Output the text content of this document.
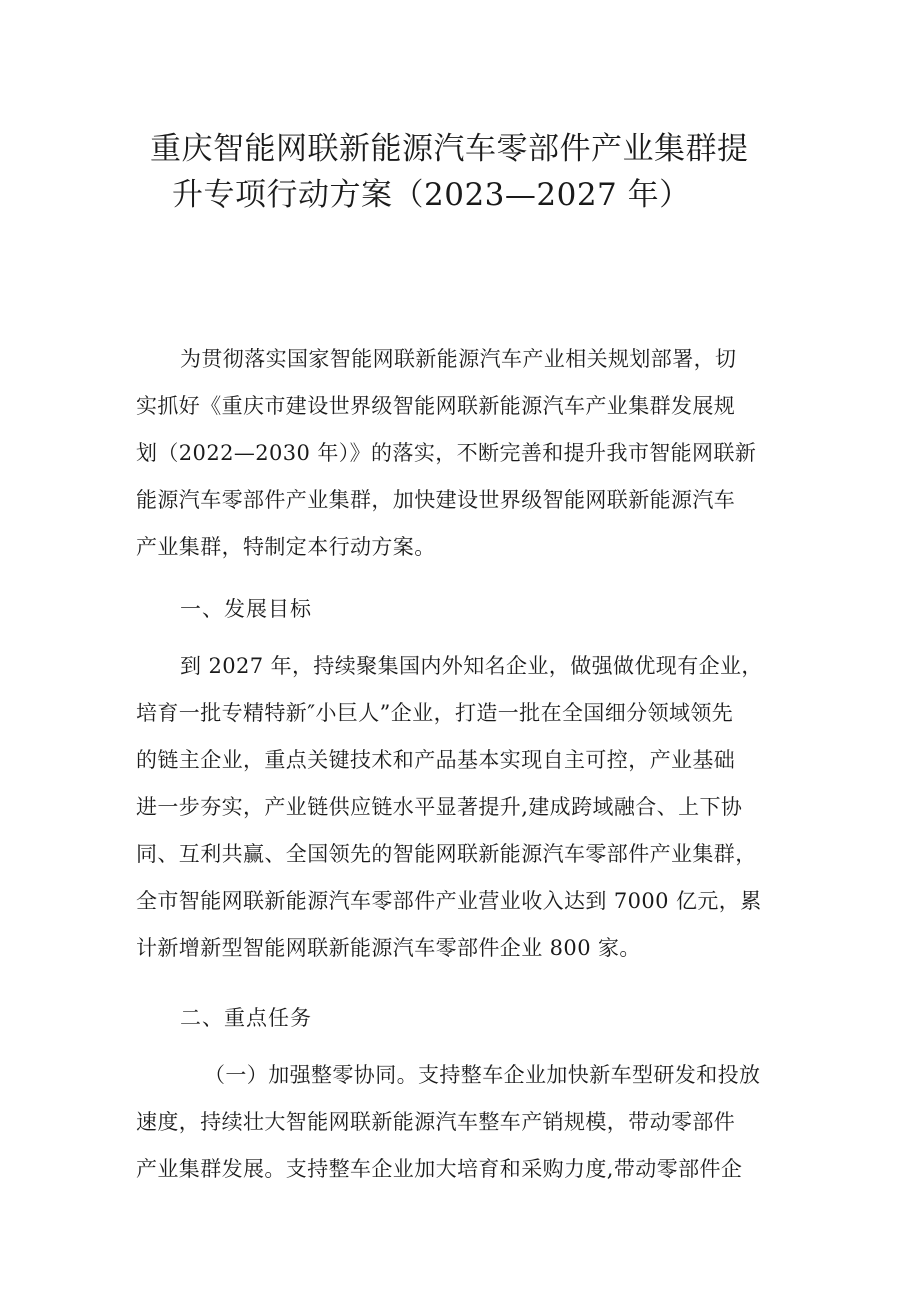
重庆智能网联新能源汽车零部件产业集群提
升专项行动方案（2023—2027 年）

为贯彻落实国家智能网联新能源汽车产业相关规划部署，切
实抓好《重庆市建设世界级智能网联新能源汽车产业集群发展规
划（2022—2030 年）》的落实，不断完善和提升我市智能网联新
能源汽车零部件产业集群，加快建设世界级智能网联新能源汽车
产业集群，特制定本行动方案。

一、发展目标

到 2027 年，持续聚集国内外知名企业，做强做优现有企业，
培育一批专精特新″小巨人”企业，打造一批在全国细分领域领先
的链主企业，重点关键技术和产品基本实现自主可控，产业基础
进一步夯实，产业链供应链水平显著提升,建成跨域融合、上下协
同、互利共赢、全国领先的智能网联新能源汽车零部件产业集群，
全市智能网联新能源汽车零部件产业营业收入达到 7000 亿元，累
计新增新型智能网联新能源汽车零部件企业 800 家。

二、重点任务

（一）加强整零协同。支持整车企业加快新车型研发和投放
速度，持续壮大智能网联新能源汽车整车产销规模，带动零部件
产业集群发展。支持整车企业加大培育和采购力度,带动零部件企
